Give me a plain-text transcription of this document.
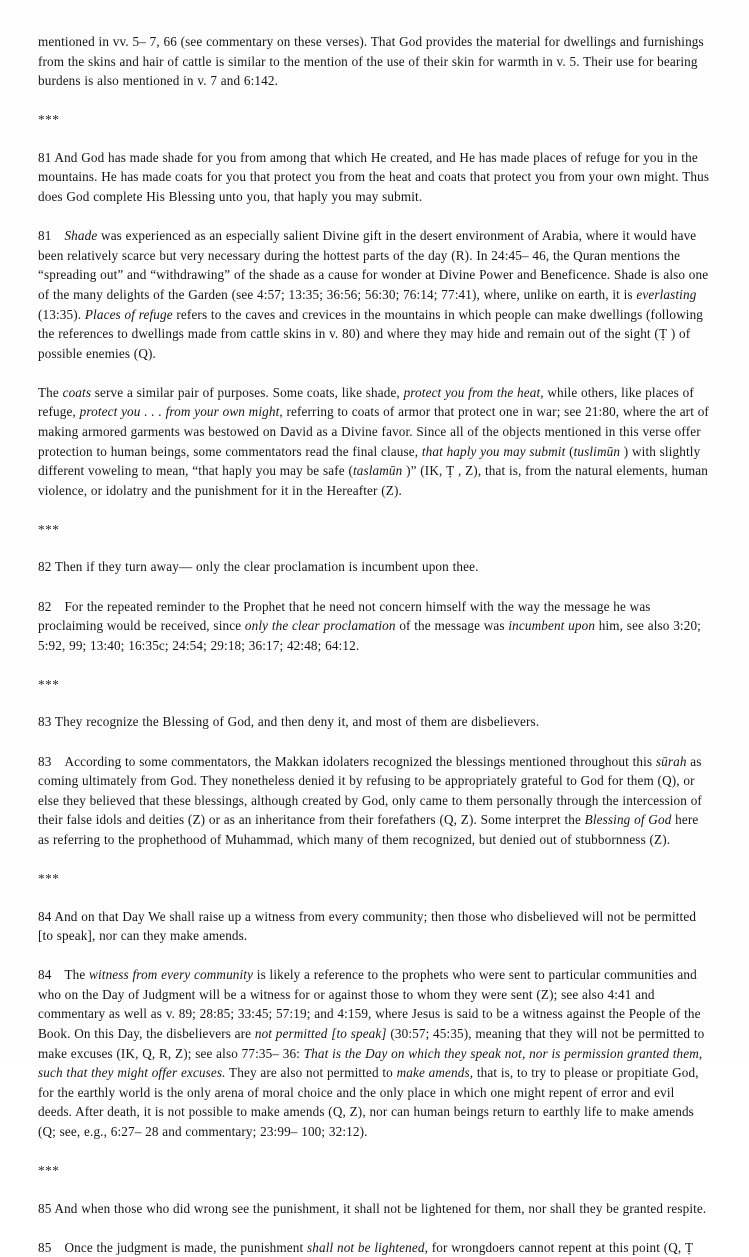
mentioned in vv. 5– 7, 66 (see commentary on these verses). That God provides the material for dwellings and furnishings from the skins and hair of cattle is similar to the mention of the use of their skin for warmth in v. 5. Their use for bearing burdens is also mentioned in v. 7 and 6:142.

***

81 And God has made shade for you from among that which He created, and He has made places of refuge for you in the mountains. He has made coats for you that protect you from the heat and coats that protect you from your own might. Thus does God complete His Blessing unto you, that haply you may submit.

81 Shade was experienced as an especially salient Divine gift in the desert environment of Arabia, where it would have been relatively scarce but very necessary during the hottest parts of the day (R). In 24:45– 46, the Quran mentions the “spreading out” and “withdrawing” of the shade as a cause for wonder at Divine Power and Beneficence. Shade is also one of the many delights of the Garden (see 4:57; 13:35; 36:56; 56:30; 76:14; 77:41), where, unlike on earth, it is everlasting (13:35). Places of refuge refers to the caves and crevices in the mountains in which people can make dwellings (following the references to dwellings made from cattle skins in v. 80) and where they may hide and remain out of the sight (Ṭ ) of possible enemies (Q).

The coats serve a similar pair of purposes. Some coats, like shade, protect you from the heat, while others, like places of refuge, protect you . . . from your own might, referring to coats of armor that protect one in war; see 21:80, where the art of making armored garments was bestowed on David as a Divine favor. Since all of the objects mentioned in this verse offer protection to human beings, some commentators read the final clause, that haply you may submit (tuslimūn ) with slightly different voweling to mean, “that haply you may be safe (taslamūn )” (IK, Ṭ , Z), that is, from the natural elements, human violence, or idolatry and the punishment for it in the Hereafter (Z).

***

82 Then if they turn away— only the clear proclamation is incumbent upon thee.

82 For the repeated reminder to the Prophet that he need not concern himself with the way the message he was proclaiming would be received, since only the clear proclamation of the message was incumbent upon him, see also 3:20; 5:92, 99; 13:40; 16:35c; 24:54; 29:18; 36:17; 42:48; 64:12.

***

83 They recognize the Blessing of God, and then deny it, and most of them are disbelievers.

83 According to some commentators, the Makkan idolaters recognized the blessings mentioned throughout this sūrah as coming ultimately from God. They nonetheless denied it by refusing to be appropriately grateful to God for them (Q), or else they believed that these blessings, although created by God, only came to them personally through the intercession of their false idols and deities (Z) or as an inheritance from their forefathers (Q, Z). Some interpret the Blessing of God here as referring to the prophethood of Muhammad, which many of them recognized, but denied out of stubbornness (Z).

***

84 And on that Day We shall raise up a witness from every community; then those who disbelieved will not be permitted [to speak], nor can they make amends.

84 The witness from every community is likely a reference to the prophets who were sent to particular communities and who on the Day of Judgment will be a witness for or against those to whom they were sent (Z); see also 4:41 and commentary as well as v. 89; 28:85; 33:45; 57:19; and 4:159, where Jesus is said to be a witness against the People of the Book. On this Day, the disbelievers are not permitted [to speak] (30:57; 45:35), meaning that they will not be permitted to make excuses (IK, Q, R, Z); see also 77:35– 36: That is the Day on which they speak not, nor is permission granted them, such that they might offer excuses. They are also not permitted to make amends, that is, to try to please or propitiate God, for the earthly world is the only arena of moral choice and the only place in which one might repent of error and evil deeds. After death, it is not possible to make amends (Q, Z), nor can human beings return to earthly life to make amends (Q; see, e.g., 6:27– 28 and commentary; 23:99– 100; 32:12).

***

85 And when those who did wrong see the punishment, it shall not be lightened for them, nor shall they be granted respite.

85 Once the judgment is made, the punishment shall not be lightened, for wrongdoers cannot repent at this point (Q, Ṭ
